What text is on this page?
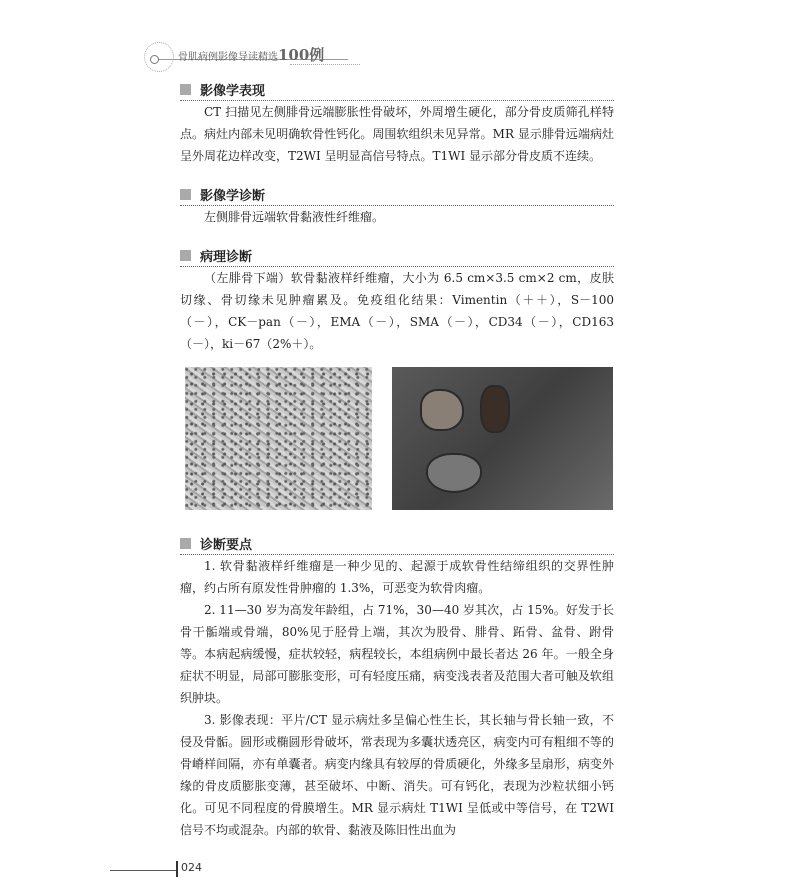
骨肌病例影像导读精选100例
影像学表现

CT 扫描见左侧腓骨远端膨胀性骨破坏，外周增生硬化，部分骨皮质筛孔样特点。病灶内部未见明确软骨性钙化。周围软组织未见异常。MR 显示腓骨远端病灶呈外周花边样改变，T2WI 呈明显高信号特点。T1WI 显示部分骨皮质不连续。

影像学诊断

左侧腓骨远端软骨黏液性纤维瘤。

病理诊断

（左腓骨下端）软骨黏液样纤维瘤，大小为 6.5 cm×3.5 cm×2 cm，皮肤切缘、骨切缘未见肿瘤累及。免疫组化结果：Vimentin（＋＋），S－100（－），CK－pan（－），EMA（－），SMA（－），CD34（－），CD163（－），ki－67（2%＋）。

诊断要点

1. 软骨黏液样纤维瘤是一种少见的、起源于成软骨性结缔组织的交界性肿瘤，约占所有原发性骨肿瘤的 1.3%，可恶变为软骨肉瘤。

2. 11—30 岁为高发年龄组，占 71%，30—40 岁其次，占 15%。好发于长骨干骺端或骨端，80%见于胫骨上端，其次为股骨、腓骨、跖骨、盆骨、跗骨等。本病起病缓慢，症状较轻，病程较长，本组病例中最长者达 26 年。一般全身症状不明显，局部可膨胀变形，可有轻度压痛，病变浅表者及范围大者可触及软组织肿块。

3. 影像表现：平片/CT 显示病灶多呈偏心性生长，其长轴与骨长轴一致，不侵及骨骺。圆形或椭圆形骨破坏，常表现为多囊状透亮区，病变内可有粗细不等的骨嵴样间隔，亦有单囊者。病变内缘具有较厚的骨质硬化，外缘多呈扇形，病变外缘的骨皮质膨胀变薄，甚至破坏、中断、消失。可有钙化，表现为沙粒状细小钙化。可见不同程度的骨膜增生。MR 显示病灶 T1WI 呈低或中等信号，在 T2WI 信号不均或混杂。内部的软骨、黏液及陈旧性出血为

024
